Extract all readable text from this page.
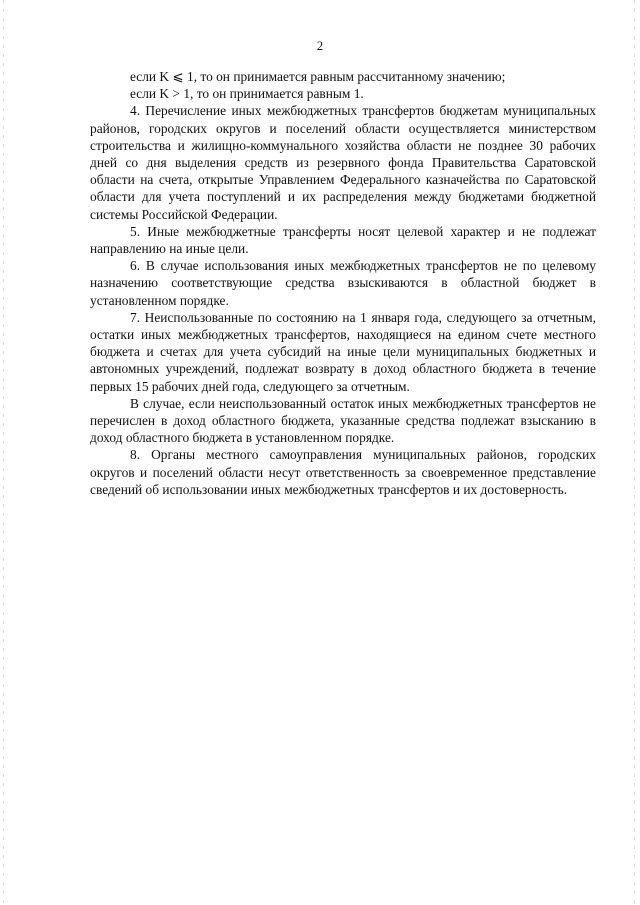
2

если K ⩽ 1, то он принимается равным рассчитанному значению;

если K > 1, то он принимается равным 1.

4. Перечисление иных межбюджетных трансфертов бюджетам муниципальных районов, городских округов и поселений области осуществляется министерством строительства и жилищно-коммунального хозяйства области не позднее 30 рабочих дней со дня выделения средств из резервного фонда Правительства Саратовской области на счета, открытые Управлением Федерального казначейства по Саратовской области для учета поступлений и их распределения между бюджетами бюджетной системы Российской Федерации.

5. Иные межбюджетные трансферты носят целевой характер и не подлежат направлению на иные цели.

6. В случае использования иных межбюджетных трансфертов не по целевому назначению соответствующие средства взыскиваются в областной бюджет в установленном порядке.

7. Неиспользованные по состоянию на 1 января года, следующего за отчетным, остатки иных межбюджетных трансфертов, находящиеся на едином счете местного бюджета и счетах для учета субсидий на иные цели муниципальных бюджетных и автономных учреждений, подлежат возврату в доход областного бюджета в течение первых 15 рабочих дней года, следующего за отчетным.

В случае, если неиспользованный остаток иных межбюджетных трансфертов не перечислен в доход областного бюджета, указанные средства подлежат взысканию в доход областного бюджета в установленном порядке.

8. Органы местного самоуправления муниципальных районов, городских округов и поселений области несут ответственность за своевременное представление сведений об использовании иных межбюджетных трансфертов и их достоверность.
